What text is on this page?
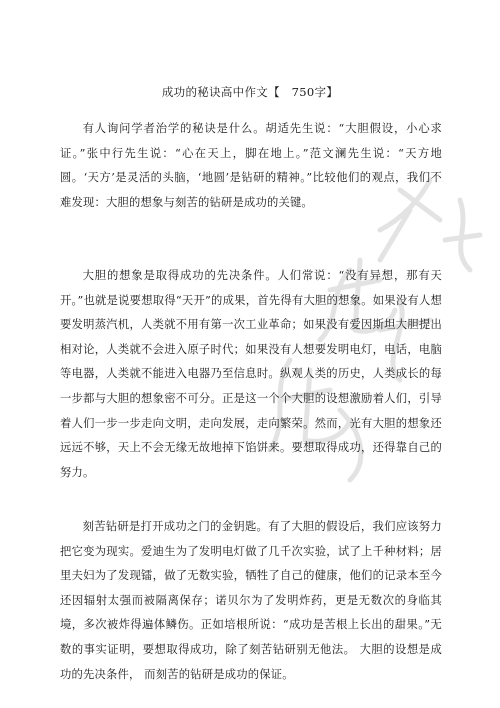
成功的秘诀高中作文【　750字】

有人询问学者治学的秘诀是什么。胡适先生说：“大胆假设，小心求证。”张中行先生说：“心在天上，脚在地上。”范文澜先生说：“天方地圆。‘天方’是灵活的头脑，‘地圆’是钻研的精神。”比较他们的观点，我们不难发现：大胆的想象与刻苦的钻研是成功的关键。

大胆的想象是取得成功的先决条件。人们常说：“没有异想，那有天开。”也就是说要想取得“天开”的成果，首先得有大胆的想象。如果没有人想要发明蒸汽机，人类就不用有第一次工业革命；如果没有爱因斯坦大胆提出相对论，人类就不会进入原子时代；如果没有人想要发明电灯，电话，电脑等电器，人类就不能进入电器乃至信息时。纵观人类的历史，人类成长的每一步都与大胆的想象密不可分。正是这一个个大胆的设想激励着人们，引导着人们一步一步走向文明，走向发展，走向繁荣。然而，光有大胆的想象还远远不够，天上不会无缘无故地掉下馅饼来。要想取得成功，还得靠自己的努力。

刻苦钻研是打开成功之门的金钥匙。有了大胆的假设后，我们应该努力把它变为现实。爱迪生为了发明电灯做了几千次实验，试了上千种材料；居里夫妇为了发现镭，做了无数实验，牺牲了自己的健康，他们的记录本至今还因辐射太强而被隔离保存；诺贝尔为了发明炸药，更是无数次的身临其境，多次被炸得遍体鳞伤。正如培根所说：“成功是苦根上长出的甜果。”无数的事实证明，要想取得成功，除了刻苦钻研别无他法。 大胆的设想是成功的先决条件， 而刻苦的钻研是成功的保证。
